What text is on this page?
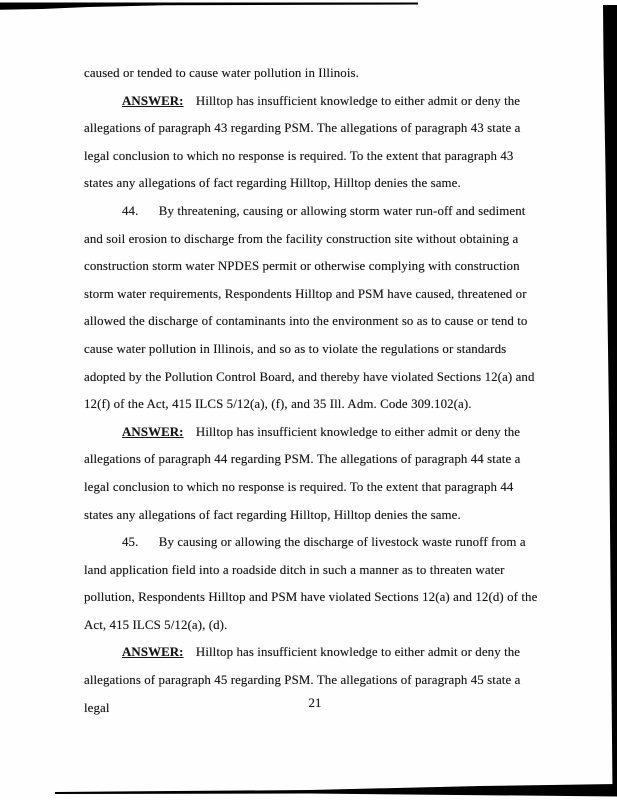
caused or tended to cause water pollution in Illinois.

ANSWER: Hilltop has insufficient knowledge to either admit or deny the allegations of paragraph 43 regarding PSM. The allegations of paragraph 43 state a legal conclusion to which no response is required. To the extent that paragraph 43 states any allegations of fact regarding Hilltop, Hilltop denies the same.

44. By threatening, causing or allowing storm water run-off and sediment and soil erosion to discharge from the facility construction site without obtaining a construction storm water NPDES permit or otherwise complying with construction storm water requirements, Respondents Hilltop and PSM have caused, threatened or allowed the discharge of contaminants into the environment so as to cause or tend to cause water pollution in Illinois, and so as to violate the regulations or standards adopted by the Pollution Control Board, and thereby have violated Sections 12(a) and 12(f) of the Act, 415 ILCS 5/12(a), (f), and 35 Ill. Adm. Code 309.102(a).

ANSWER: Hilltop has insufficient knowledge to either admit or deny the allegations of paragraph 44 regarding PSM. The allegations of paragraph 44 state a legal conclusion to which no response is required. To the extent that paragraph 44 states any allegations of fact regarding Hilltop, Hilltop denies the same.

45. By causing or allowing the discharge of livestock waste runoff from a land application field into a roadside ditch in such a manner as to threaten water pollution, Respondents Hilltop and PSM have violated Sections 12(a) and 12(d) of the Act, 415 ILCS 5/12(a), (d).

ANSWER: Hilltop has insufficient knowledge to either admit or deny the allegations of paragraph 45 regarding PSM. The allegations of paragraph 45 state a legal	21
